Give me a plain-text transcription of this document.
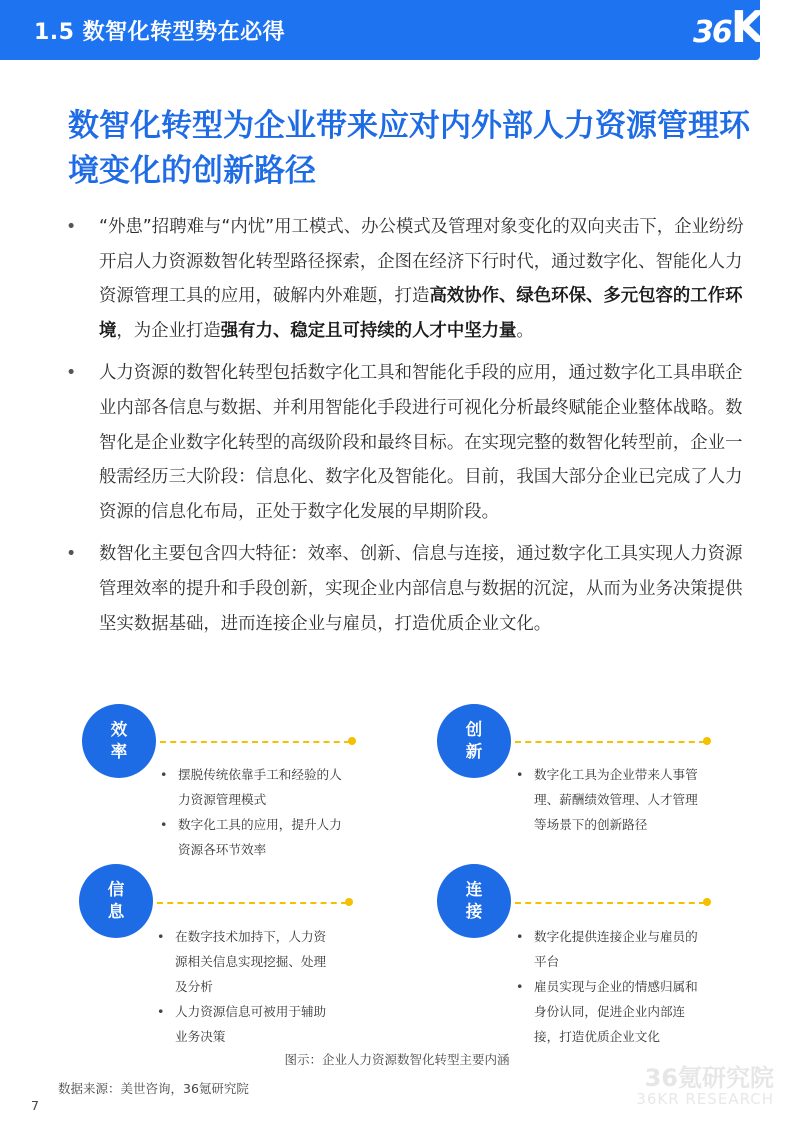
1.5 数智化转型势在必得	36Kr
数智化转型为企业带来应对内外部人力资源管理环境变化的创新路径
• “外患”招聘难与“内忧”用工模式、办公模式及管理对象变化的双向夹击下，企业纷纷开启人力资源数智化转型路径探索，企图在经济下行时代，通过数字化、智能化人力资源管理工具的应用，破解内外难题，打造高效协作、绿色环保、多元包容的工作环境，为企业打造强有力、稳定且可持续的人才中坚力量。
• 人力资源的数智化转型包括数字化工具和智能化手段的应用，通过数字化工具串联企业内部各信息与数据、并利用智能化手段进行可视化分析最终赋能企业整体战略。数智化是企业数字化转型的高级阶段和最终目标。在实现完整的数智化转型前，企业一般需经历三大阶段：信息化、数字化及智能化。目前，我国大部分企业已完成了人力资源的信息化布局，正处于数字化发展的早期阶段。
• 数智化主要包含四大特征：效率、创新、信息与连接，通过数字化工具实现人力资源管理效率的提升和手段创新，实现企业内部信息与数据的沉淀，从而为业务决策提供坚实数据基础，进而连接企业与雇员，打造优质企业文化。
效
率
• 摆脱传统依靠手工和经验的人力资源管理模式
• 数字化工具的应用，提升人力资源各环节效率
创
新
• 数字化工具为企业带来人事管理、薪酬绩效管理、人才管理等场景下的创新路径
信
息
• 在数字技术加持下，人力资源相关信息实现挖掘、处理及分析
• 人力资源信息可被用于辅助业务决策
连
接
• 数字化提供连接企业与雇员的平台
• 雇员实现与企业的情感归属和身份认同，促进企业内部连接，打造优质企业文化
图示：企业人力资源数智化转型主要内涵
数据来源：美世咨询，36氪研究院
7
36氪研究院
36KR RESEARCH
